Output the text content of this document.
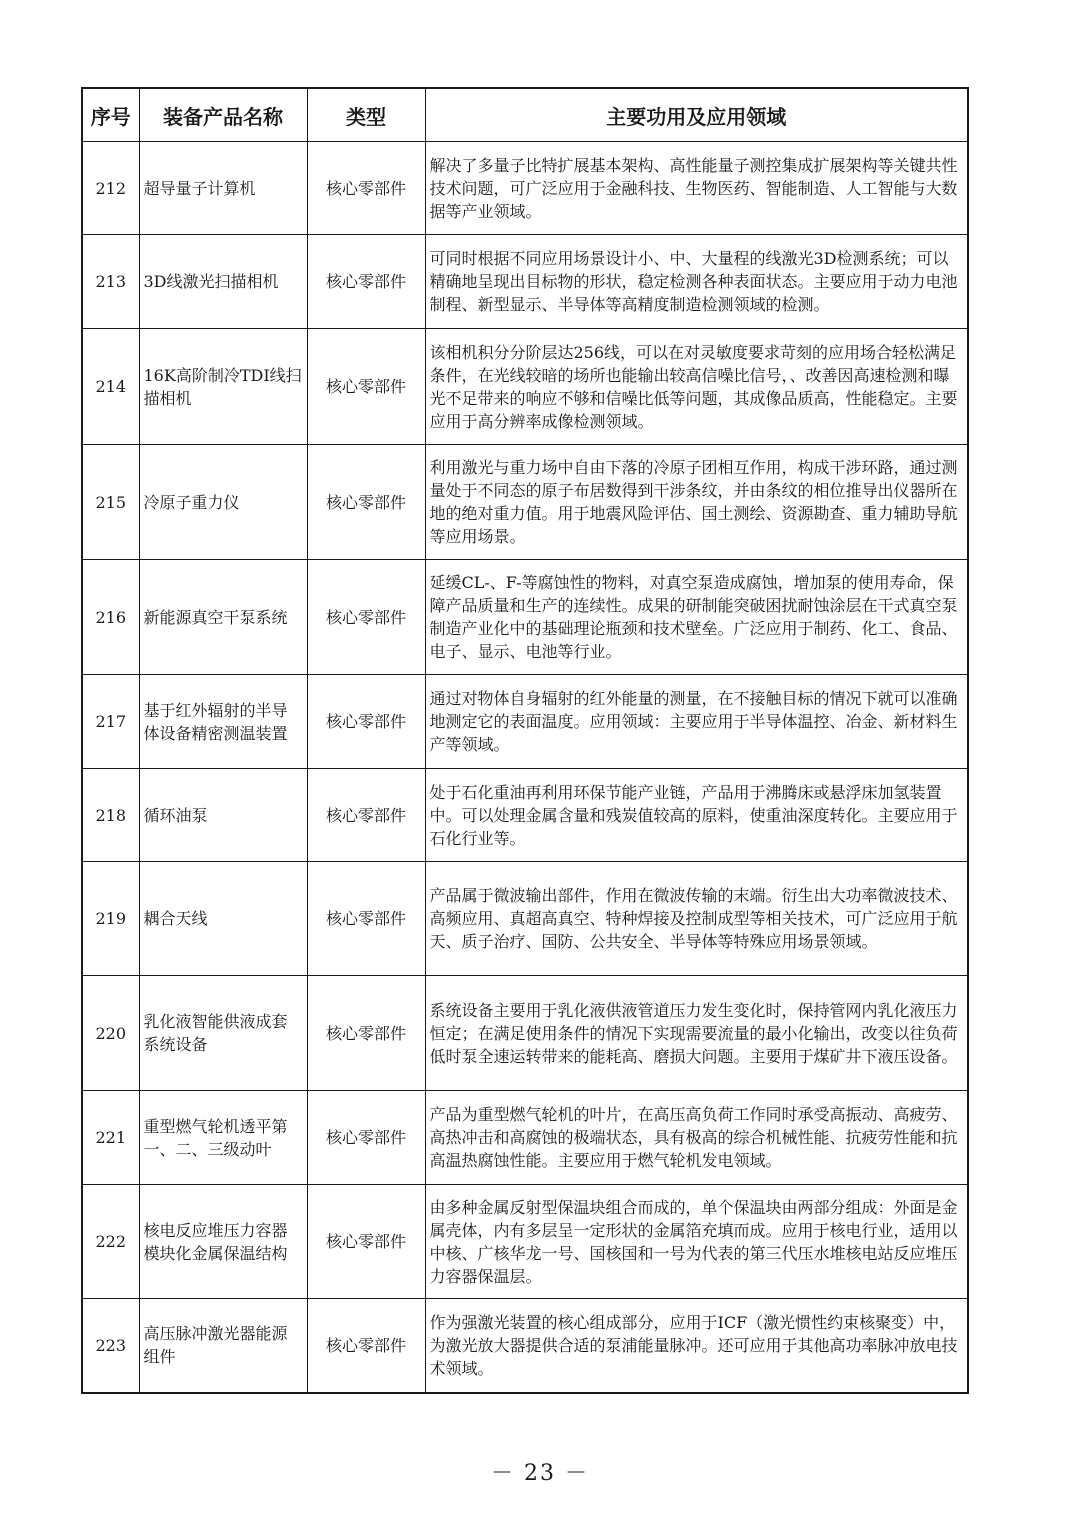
序号	装备产品名称	类型	主要功用及应用领域
212	超导量子计算机	核心零部件	解决了多量子比特扩展基本架构、高性能量子测控集成扩展架构等关键共性技术问题，可广泛应用于金融科技、生物医药、智能制造、人工智能与大数据等产业领域。
213	3D线激光扫描相机	核心零部件	可同时根据不同应用场景设计小、中、大量程的线激光3D检测系统；可以精确地呈现出目标物的形状，稳定检测各种表面状态。主要应用于动力电池制程、新型显示、半导体等高精度制造检测领域的检测。
214	16K高阶制冷TDI线扫描相机	核心零部件	该相机积分分阶层达256线，可以在对灵敏度要求苛刻的应用场合轻松满足条件，在光线较暗的场所也能输出较高信噪比信号，、改善因高速检测和曝光不足带来的响应不够和信噪比低等问题，其成像品质高，性能稳定。主要应用于高分辨率成像检测领域。
215	冷原子重力仪	核心零部件	利用激光与重力场中自由下落的冷原子团相互作用，构成干涉环路，通过测量处于不同态的原子布居数得到干涉条纹，并由条纹的相位推导出仪器所在地的绝对重力值。用于地震风险评估、国土测绘、资源勘查、重力辅助导航等应用场景。
216	新能源真空干泵系统	核心零部件	延缓CL-、F-等腐蚀性的物料，对真空泵造成腐蚀，增加泵的使用寿命，保障产品质量和生产的连续性。成果的研制能突破困扰耐蚀涂层在干式真空泵制造产业化中的基础理论瓶颈和技术壁垒。广泛应用于制药、化工、食品、电子、显示、电池等行业。
217	基于红外辐射的半导体设备精密测温装置	核心零部件	通过对物体自身辐射的红外能量的测量，在不接触目标的情况下就可以准确地测定它的表面温度。应用领域：主要应用于半导体温控、冶金、新材料生产等领域。
218	循环油泵	核心零部件	处于石化重油再利用环保节能产业链，产品用于沸腾床或悬浮床加氢装置中。可以处理金属含量和残炭值较高的原料，使重油深度转化。主要应用于石化行业等。
219	耦合天线	核心零部件	产品属于微波输出部件，作用在微波传输的末端。衍生出大功率微波技术、高频应用、真超高真空、特种焊接及控制成型等相关技术，可广泛应用于航天、质子治疗、国防、公共安全、半导体等特殊应用场景领域。
220	乳化液智能供液成套系统设备	核心零部件	系统设备主要用于乳化液供液管道压力发生变化时，保持管网内乳化液压力恒定；在满足使用条件的情况下实现需要流量的最小化输出，改变以往负荷低时泵全速运转带来的能耗高、磨损大问题。主要用于煤矿井下液压设备。
221	重型燃气轮机透平第一、二、三级动叶	核心零部件	产品为重型燃气轮机的叶片，在高压高负荷工作同时承受高振动、高疲劳、高热冲击和高腐蚀的极端状态，具有极高的综合机械性能、抗疲劳性能和抗高温热腐蚀性能。主要应用于燃气轮机发电领域。
222	核电反应堆压力容器模块化金属保温结构	核心零部件	由多种金属反射型保温块组合而成的，单个保温块由两部分组成：外面是金属壳体，内有多层呈一定形状的金属箔充填而成。应用于核电行业，适用以中核、广核华龙一号、国核国和一号为代表的第三代压水堆核电站反应堆压力容器保温层。
223	高压脉冲激光器能源组件	核心零部件	作为强激光装置的核心组成部分，应用于ICF（激光惯性约束核聚变）中，为激光放大器提供合适的泵浦能量脉冲。还可应用于其他高功率脉冲放电技术领域。
－ 23 －
